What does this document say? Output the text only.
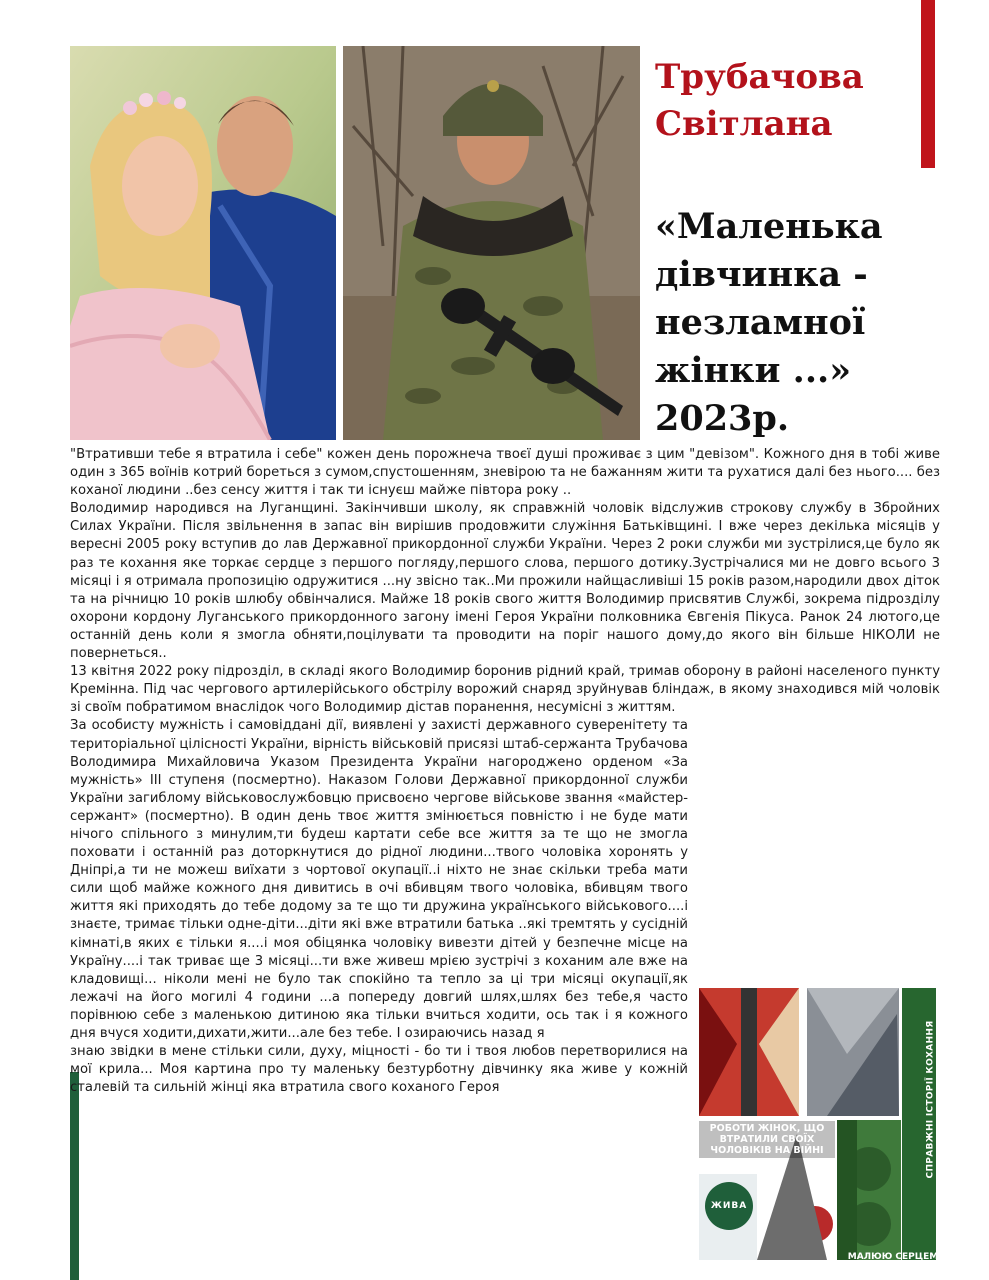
Трубачова
Світлана
«Маленька
дівчинка -
незламної
жінки ...»
2023р.

"Втративши тебе я втратила і себе" кожен день порожнеча твоєї душі проживає з цим "девізом". Кожного дня в тобі живе один з 365 воїнів котрий бореться з сумом,спустошенням, зневірою та не бажанням жити та рухатися далі без нього.... без коханої людини ..без сенсу життя і так ти існуєш майже півтора року ..

Володимир народився на Луганщині. Закінчивши школу, як справжній чоловік відслужив строкову службу в Збройних Силах України. Після звільнення в запас він вирішив продовжити служіння Батьківщині. І вже через декілька місяців у вересні 2005 року вступив до лав Державної прикордонної служби України. Через 2 роки служби ми зустрілися,це було як раз те кохання яке торкає сердце з першого погляду,першого слова, першого дотику.Зустрічалися ми не довго всього 3 місяці і я отримала пропозицію одружитися ...ну звісно так..Ми прожили найщасливіші 15 років разом,народили двох діток та на річницю 10 років шлюбу обвінчалися. Майже 18 років свого життя Володимир присвятив Службі, зокрема підрозділу охорони кордону Луганського прикордонного загону імені Героя України полковника Євгенія Пікуса. Ранок 24 лютого,це останній день коли я змогла обняти,поцілувати та проводити на поріг нашого дому,до якого він більше НІКОЛИ не повернеться..

13 квітня 2022 року підрозділ, в складі якого Володимир боронив рідний край, тримав оборону в районі населеного пункту Кремінна. Під час чергового артилерійського обстрілу ворожий снаряд зруйнував бліндаж, в якому знаходився мій чоловік зі своїм побратимом внаслідок чого Володимир дістав поранення, несумісні з життям.

За особисту мужність і самовіддані дії, виявлені у захисті державного суверенітету та територіальної цілісності України, вірність військовій присязі штаб-сержанта Трубачова Володимира Михайловича Указом Президента України нагороджено орденом «За мужність» ІІІ ступеня (посмертно). Наказом Голови Державної прикордонної служби України загиблому військовослужбовцю присвоєно чергове військове звання «майстер-сержант» (посмертно). В один день твоє життя змінюється повністю і не буде мати нічого спільного з минулим,ти будеш картати себе все життя за те що не змогла поховати і останній раз доторкнутися до рідної людини...твого чоловіка хоронять у Дніпрі,а ти не можеш виїхати з чортової окупації..і ніхто не знає скільки треба мати сили щоб майже кожного дня дивитись в очі вбивцям твого чоловіка, вбивцям твого життя які приходять до тебе додому за те що ти дружина українського військового....і знаєте, тримає тільки одне-діти...діти які вже втратили батька ..які тремтять у сусідній кімнаті,в яких є тільки я....і моя обіцянка чоловіку вивезти дітей у безпечне місце на Україну....і так триває ще 3 місяці...ти вже живеш мрією зустрічі з коханим але вже на кладовищі... ніколи мені не було так спокійно та тепло за ці три місяці окупації,як лежачі на його могилі 4 години ...а попереду довгий шлях,шлях без тебе,я часто порівнюю себе з маленькою дитиною яка тільки вчиться ходити, ось так і я кожного дня вчуся ходити,дихати,жити...але без тебе. І озираючись назад я

знаю звідки в мене стільки сили, духу, міцності - бо ти і твоя любов перетворилися на мої крила... Моя картина про ту маленьку безтурботну дівчинку яка живе у кожній сталевій та сильній жінці яка втратила свого коханого Героя	СПРАВЖНІ ІСТОРІЇ КОХАННЯ
РОБОТИ ЖІНОК, ЩО ВТРАТИЛИ СВОЇХ ЧОЛОВІКІВ НА ВІЙНІ
ЖИВА
МАЛЮЮ СЕРЦЕМ
